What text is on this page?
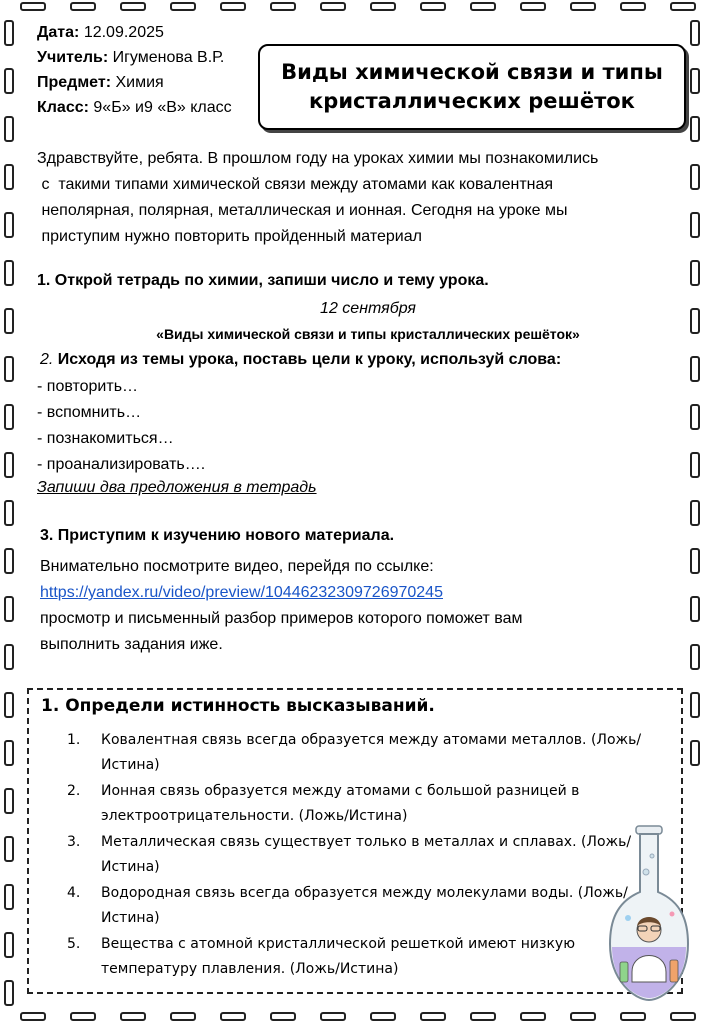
Дата: 12.09.2025
Учитель: Игуменова В.Р.
Предмет: Химия
Класс: 9«Б» и9 «В» класс
Виды химической связи и типы
кристаллических решёток
Здравствуйте, ребята. В прошлом году на уроках химии мы познакомились
с  такими типами химической связи между атомами как ковалентная
неполярная, полярная, металлическая и ионная. Сегодня на уроке мы
приступим нужно повторить пройденный материал
1. Открой тетрадь по химии, запиши число и тему урока.
12 сентября
«Виды химической связи и типы кристаллических решёток»
2. Исходя из темы урока, поставь цели к уроку, используй слова:
- повторить…
- вспомнить…
- познакомиться…
- проанализировать….
Запиши два предложения в тетрадь
3. Приступим к изучению нового материала.
Внимательно посмотрите видео, перейдя по ссылке:
https://yandex.ru/video/preview/10446232309726970245
просмотр и письменный разбор примеров которого поможет вам
выполнить задания иже.
1. Определи истинность высказываний.
1.	Ковалентная связь всегда образуется между атомами металлов. (Ложь/Истина)
2.	Ионная связь образуется между атомами с большой разницей в электроотрицательности. (Ложь/Истина)
3.	Металлическая связь существует только в металлах и сплавах. (Ложь/Истина)
4.	Водородная связь всегда образуется между молекулами воды. (Ложь/Истина)
5.	Вещества с атомной кристаллической решеткой имеют низкую температуру плавления. (Ложь/Истина)
